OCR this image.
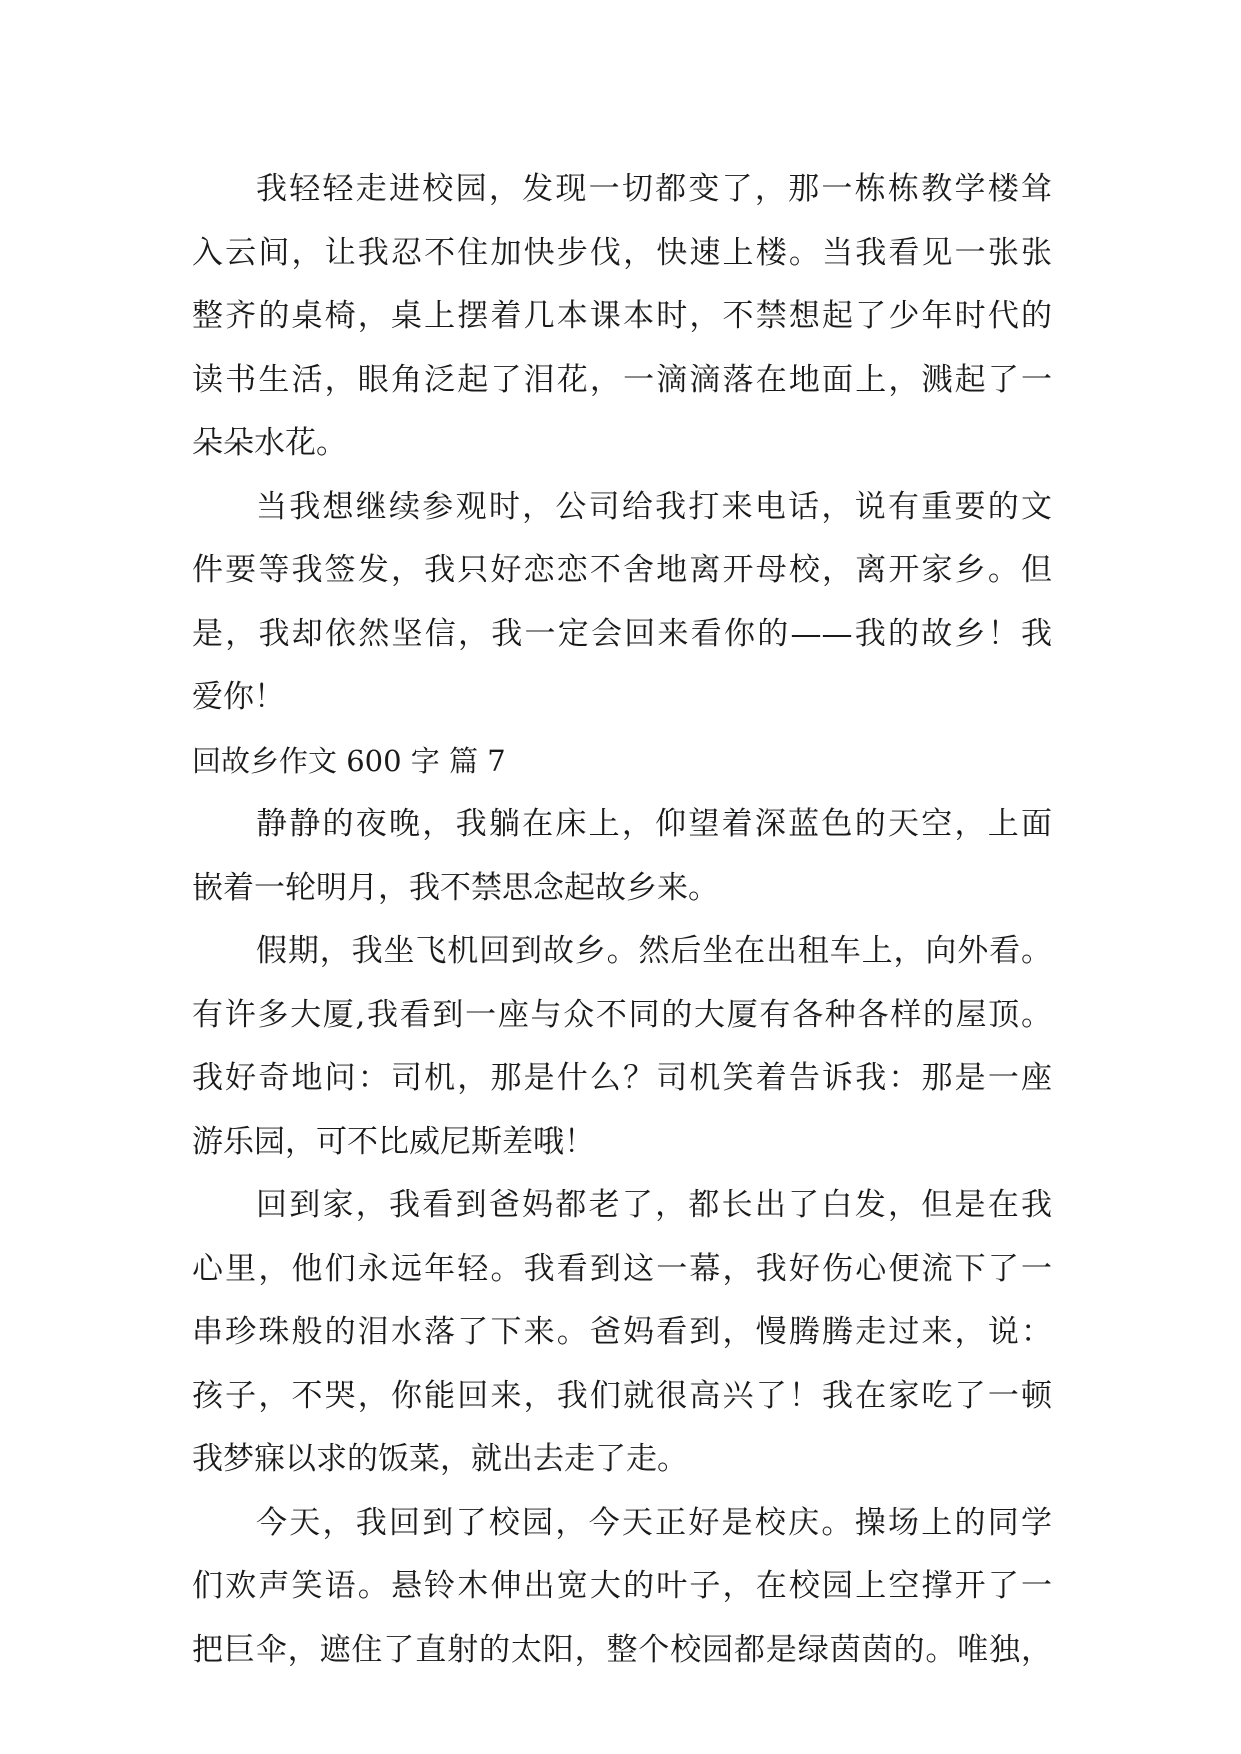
我轻轻走进校园，发现一切都变了，那一栋栋教学楼耸
入云间，让我忍不住加快步伐，快速上楼。当我看见一张张
整齐的桌椅，桌上摆着几本课本时，不禁想起了少年时代的
读书生活，眼角泛起了泪花，一滴滴落在地面上，溅起了一
朵朵水花。
当我想继续参观时，公司给我打来电话，说有重要的文
件要等我签发，我只好恋恋不舍地离开母校，离开家乡。但
是，我却依然坚信，我一定会回来看你的——我的故乡！我
爱你！
回故乡作文 600 字 篇 7
静静的夜晚，我躺在床上，仰望着深蓝色的天空，上面
嵌着一轮明月，我不禁思念起故乡来。
假期，我坐飞机回到故乡。然后坐在出租车上，向外看。
有许多大厦,我看到一座与众不同的大厦有各种各样的屋顶。
我好奇地问：司机，那是什么？司机笑着告诉我：那是一座
游乐园，可不比威尼斯差哦！
回到家，我看到爸妈都老了，都长出了白发，但是在我
心里，他们永远年轻。我看到这一幕，我好伤心便流下了一
串珍珠般的泪水落了下来。爸妈看到，慢腾腾走过来，说：
孩子，不哭，你能回来，我们就很高兴了！我在家吃了一顿
我梦寐以求的饭菜，就出去走了走。
今天，我回到了校园，今天正好是校庆。操场上的同学
们欢声笑语。悬铃木伸出宽大的叶子，在校园上空撑开了一
把巨伞，遮住了直射的太阳，整个校园都是绿茵茵的。唯独，
